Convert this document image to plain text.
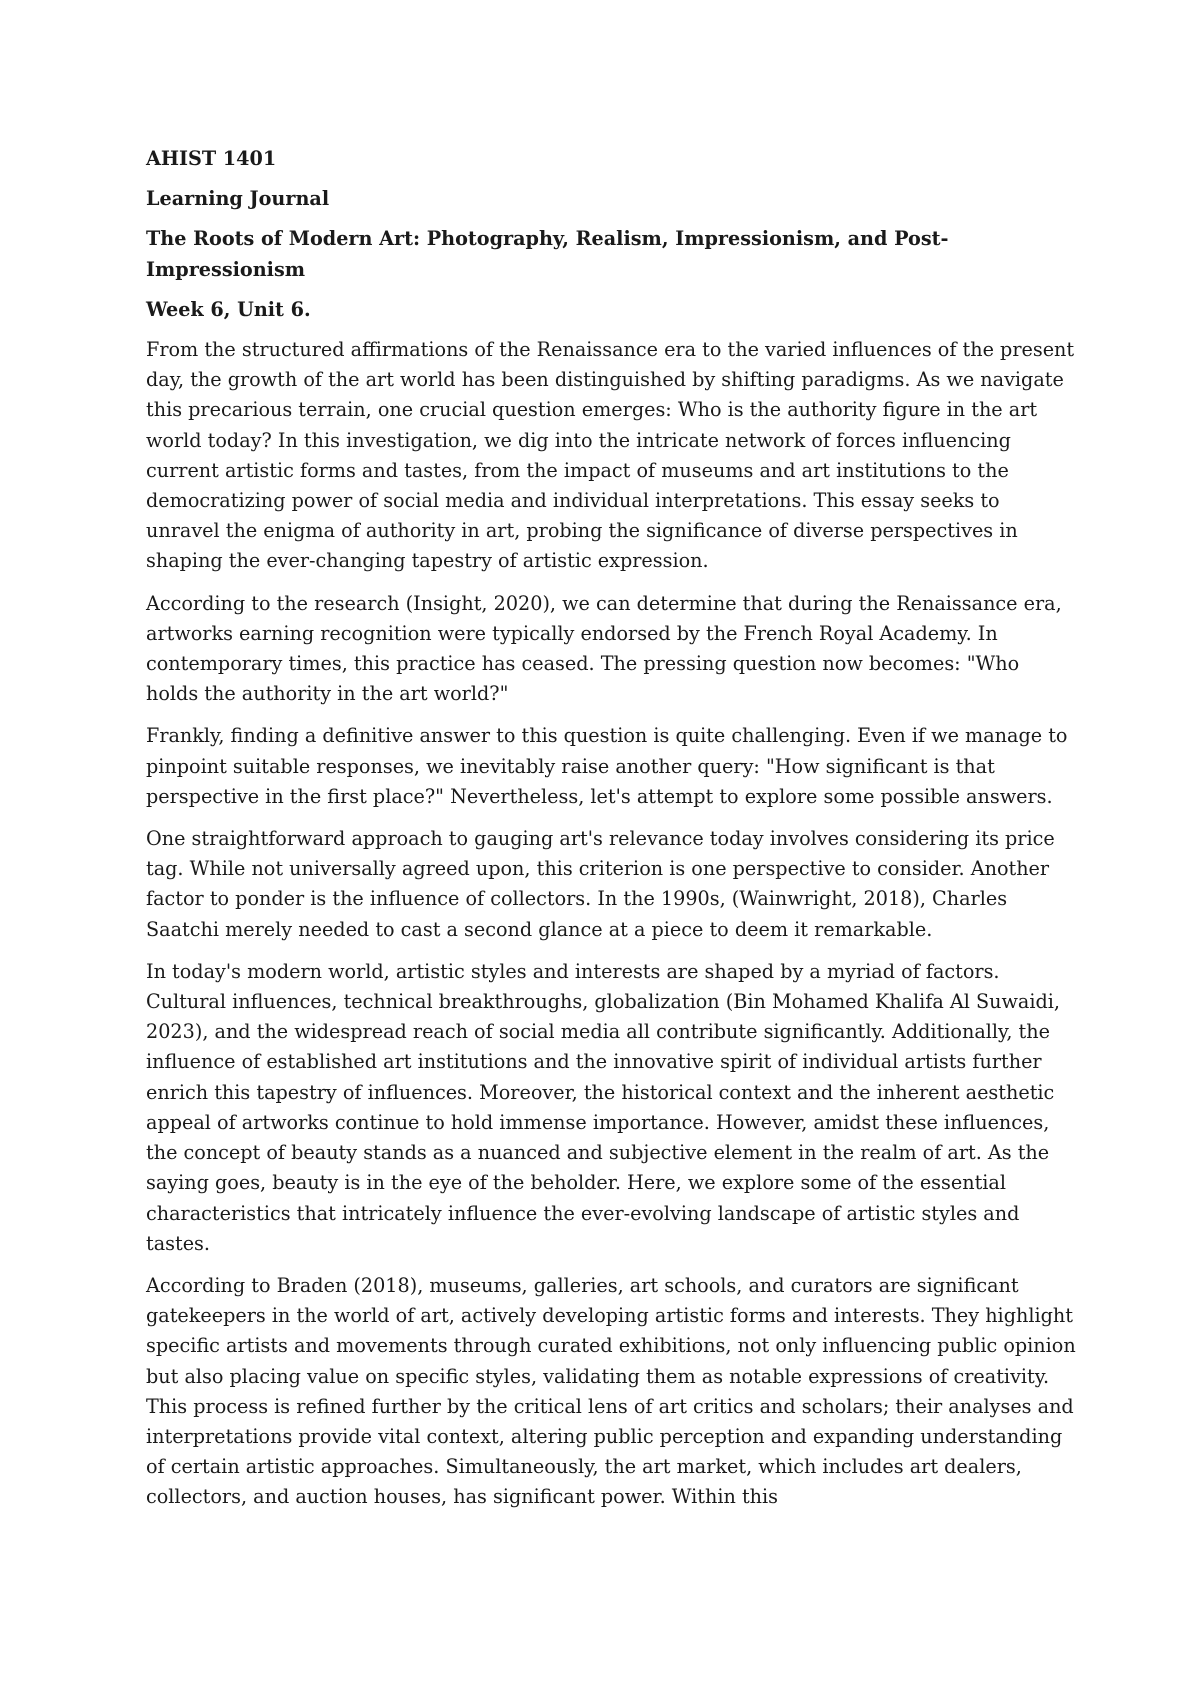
AHIST 1401

Learning Journal

The Roots of Modern Art: Photography, Realism, Impressionism, and Post-Impressionism

Week 6, Unit 6.

From the structured affirmations of the Renaissance era to the varied influences of the present day, the growth of the art world has been distinguished by shifting paradigms. As we navigate this precarious terrain, one crucial question emerges: Who is the authority figure in the art world today? In this investigation, we dig into the intricate network of forces influencing current artistic forms and tastes, from the impact of museums and art institutions to the democratizing power of social media and individual interpretations. This essay seeks to unravel the enigma of authority in art, probing the significance of diverse perspectives in shaping the ever-changing tapestry of artistic expression.

According to the research (Insight, 2020), we can determine that during the Renaissance era, artworks earning recognition were typically endorsed by the French Royal Academy. In contemporary times, this practice has ceased. The pressing question now becomes: "Who holds the authority in the art world?"

Frankly, finding a definitive answer to this question is quite challenging. Even if we manage to pinpoint suitable responses, we inevitably raise another query: "How significant is that perspective in the first place?" Nevertheless, let's attempt to explore some possible answers.

One straightforward approach to gauging art's relevance today involves considering its price tag. While not universally agreed upon, this criterion is one perspective to consider. Another factor to ponder is the influence of collectors. In the 1990s, (Wainwright, 2018), Charles Saatchi merely needed to cast a second glance at a piece to deem it remarkable.

In today's modern world, artistic styles and interests are shaped by a myriad of factors. Cultural influences, technical breakthroughs, globalization (Bin Mohamed Khalifa Al Suwaidi, 2023), and the widespread reach of social media all contribute significantly. Additionally, the influence of established art institutions and the innovative spirit of individual artists further enrich this tapestry of influences. Moreover, the historical context and the inherent aesthetic appeal of artworks continue to hold immense importance. However, amidst these influences, the concept of beauty stands as a nuanced and subjective element in the realm of art. As the saying goes, beauty is in the eye of the beholder. Here, we explore some of the essential characteristics that intricately influence the ever-evolving landscape of artistic styles and tastes.

According to Braden (2018), museums, galleries, art schools, and curators are significant gatekeepers in the world of art, actively developing artistic forms and interests. They highlight specific artists and movements through curated exhibitions, not only influencing public opinion but also placing value on specific styles, validating them as notable expressions of creativity. This process is refined further by the critical lens of art critics and scholars; their analyses and interpretations provide vital context, altering public perception and expanding understanding of certain artistic approaches. Simultaneously, the art market, which includes art dealers, collectors, and auction houses, has significant power. Within this
